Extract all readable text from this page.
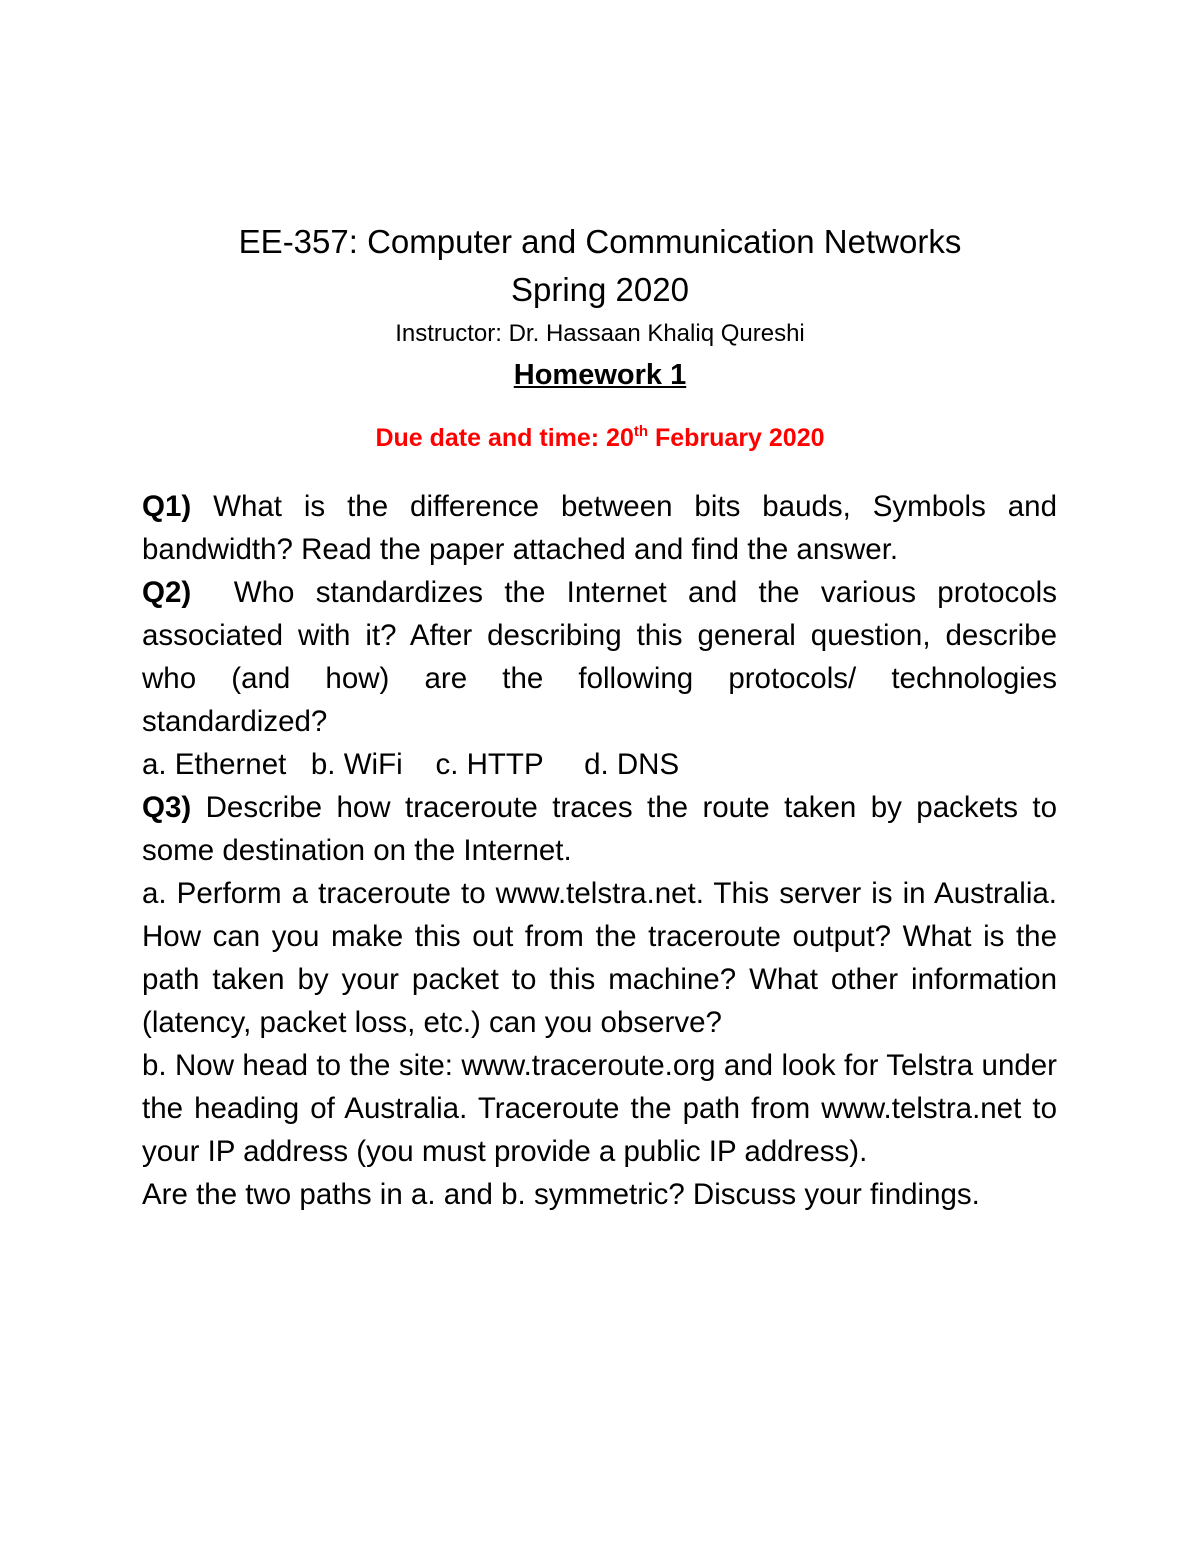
EE-357: Computer and Communication Networks
Spring 2020
Instructor: Dr. Hassaan Khaliq Qureshi
Homework 1
Due date and time: 20th February 2020

Q1) What is the difference between bits bauds, Symbols and bandwidth? Read the paper attached and find the answer.

Q2)  Who standardizes the Internet and the various protocols associated with it? After describing this general question, describe who (and how) are the following protocols/ technologies standardized?

a. Ethernet   b. WiFi    c. HTTP     d. DNS

Q3) Describe how traceroute traces the route taken by packets to some destination on the Internet.

a. Perform a traceroute to www.telstra.net. This server is in Australia. How can you make this out from the traceroute output? What is the path taken by your packet to this machine? What other information (latency, packet loss, etc.) can you observe?

b. Now head to the site: www.traceroute.org and look for Telstra under the heading of Australia. Traceroute the path from www.telstra.net to your IP address (you must provide a public IP address).

Are the two paths in a. and b. symmetric? Discuss your findings.
